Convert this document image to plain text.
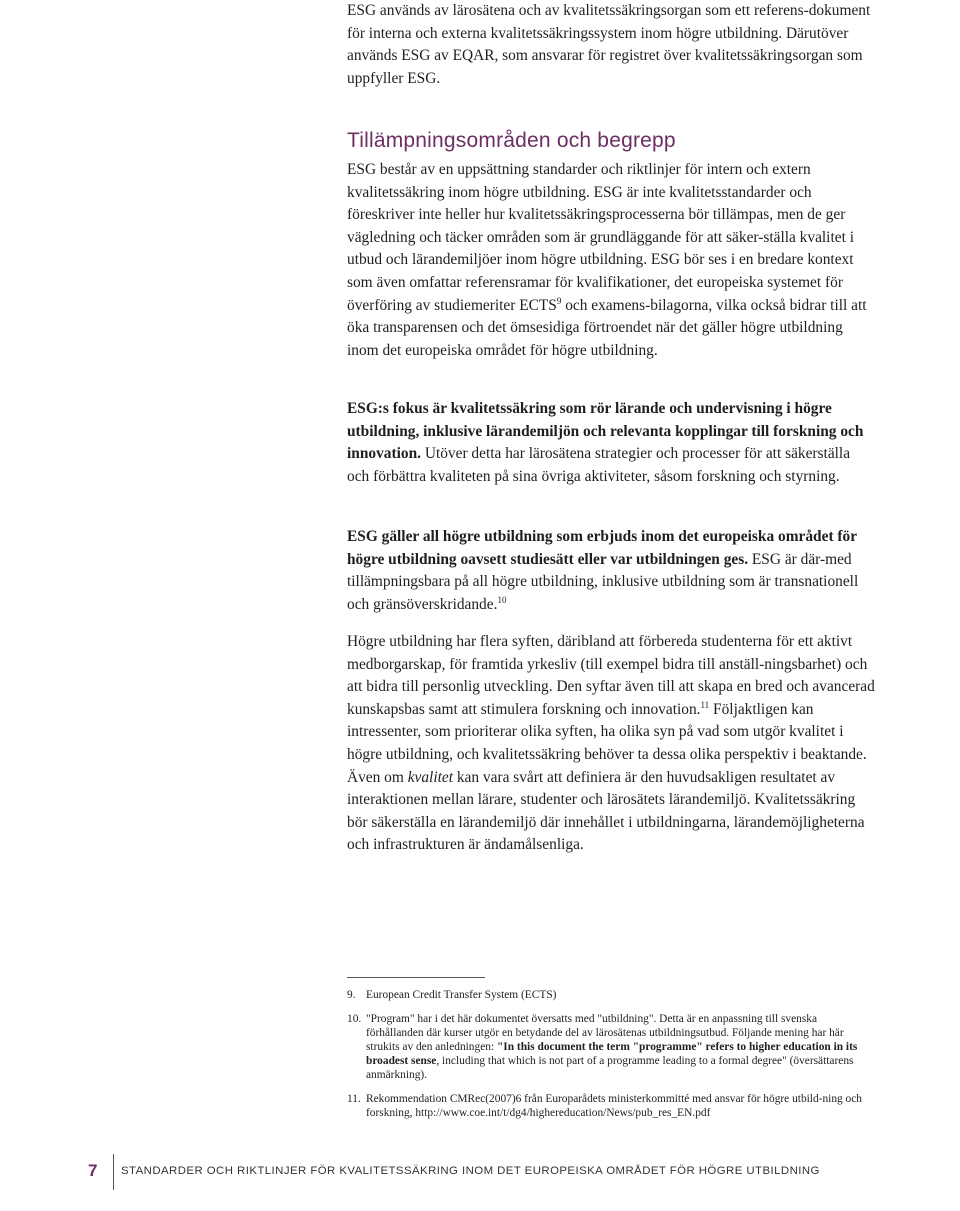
ESG används av lärosätena och av kvalitetssäkringsorgan som ett referens-dokument för interna och externa kvalitetssäkringssystem inom högre utbildning. Därutöver används ESG av EQAR, som ansvarar för registret över kvalitetssäkringsorgan som uppfyller ESG.

Tillämpningsområden och begrepp

ESG består av en uppsättning standarder och riktlinjer för intern och extern kvalitetssäkring inom högre utbildning. ESG är inte kvalitetsstandarder och föreskriver inte heller hur kvalitetssäkringsprocesserna bör tillämpas, men de ger vägledning och täcker områden som är grundläggande för att säker-ställa kvalitet i utbud och lärandemiljöer inom högre utbildning. ESG bör ses i en bredare kontext som även omfattar referensramar för kvalifikationer, det europeiska systemet för överföring av studiemeriter ECTS$^9$ och examens-bilagorna, vilka också bidrar till att öka transparensen och det ömsesidiga förtroendet när det gäller högre utbildning inom det europeiska området för högre utbildning.

ESG:s fokus är kvalitetssäkring som rör lärande och undervisning i högre utbildning, inklusive lärandemiljön och relevanta kopplingar till forskning och innovation. Utöver detta har lärosätena strategier och processer för att säkerställa och förbättra kvaliteten på sina övriga aktiviteter, såsom forskning och styrning.

ESG gäller all högre utbildning som erbjuds inom det europeiska området för högre utbildning oavsett studiesätt eller var utbildningen ges. ESG är där-med tillämpningsbara på all högre utbildning, inklusive utbildning som är transnationell och gränsöverskridande.$^{10}$

Högre utbildning har flera syften, däribland att förbereda studenterna för ett aktivt medborgarskap, för framtida yrkesliv (till exempel bidra till anställ-ningsbarhet) och att bidra till personlig utveckling. Den syftar även till att skapa en bred och avancerad kunskapsbas samt att stimulera forskning och innovation.$^{11}$ Följaktligen kan intressenter, som prioriterar olika syften, ha olika syn på vad som utgör kvalitet i högre utbildning, och kvalitetssäkring behöver ta dessa olika perspektiv i beaktande. Även om kvalitet kan vara svårt att definiera är den huvudsakligen resultatet av interaktionen mellan lärare, studenter och lärosätets lärandemiljö. Kvalitetssäkring bör säkerställa en lärandemiljö där innehållet i utbildningarna, lärandemöjligheterna och infrastrukturen är ändamålsenliga.

9. European Credit Transfer System (ECTS)
10. "Program" har i det här dokumentet översatts med "utbildning". Detta är en anpassning till svenska förhållanden där kurser utgör en betydande del av lärosätenas utbildningsutbud. Följande mening har här strukits av den anledningen: "In this document the term "programme" refers to higher education in its broadest sense, including that which is not part of a programme leading to a formal degree" (översättarens anmärkning).
11. Rekommendation CMRec(2007)6 från Europarådets ministerkommitté med ansvar för högre utbild-ning och forskning, http://www.coe.int/t/dg4/highereducation/News/pub_res_EN.pdf
7 STANDARDER OCH RIKTLINJER FÖR KVALITETSSÄKRING INOM DET EUROPEISKA OMRÅDET FÖR HÖGRE UTBILDNING
